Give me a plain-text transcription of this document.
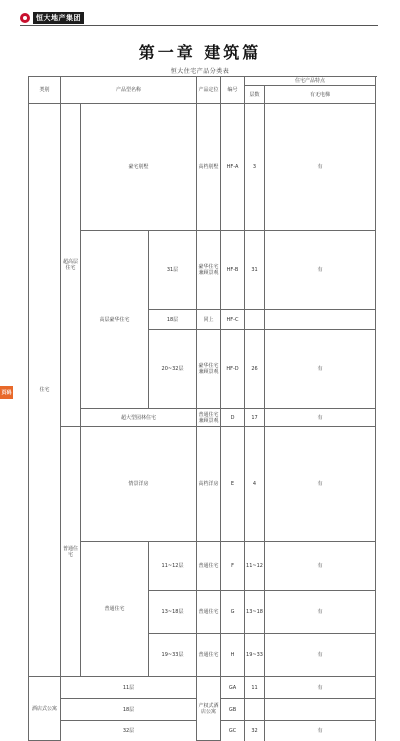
恒大地产集团
第一章 建筑篇
恒大住宅产品分类表
类别	产品型名称			产品定位	编号	住宅产品特点		
						层数	有无电梯	
住宅	超高层住宅	豪宅别墅		高档别墅	HF-A	3	有	
		高层豪华住宅	31层	豪华住宅兼顾景观	HF-B	31	有	
			18层	同上	HF-C			
			20~32层	豪华住宅兼顾景观	HF-D	26	有	
		超大型园林住宅		普通住宅兼顾景观	D	17	有	
	普通住宅	情景洋房		高档洋房	E	4	有	
		普通住宅	11~12层	普通住宅	F	11~12	有	
			13~18层	普通住宅	G	13~18	有	
			19~33层	普通住宅	H	19~33	有	
酒店式公寓	11层			产权式酒店公寓	GA	11	有	
	18层				GB			
	32层				GC	32	有	
页码
